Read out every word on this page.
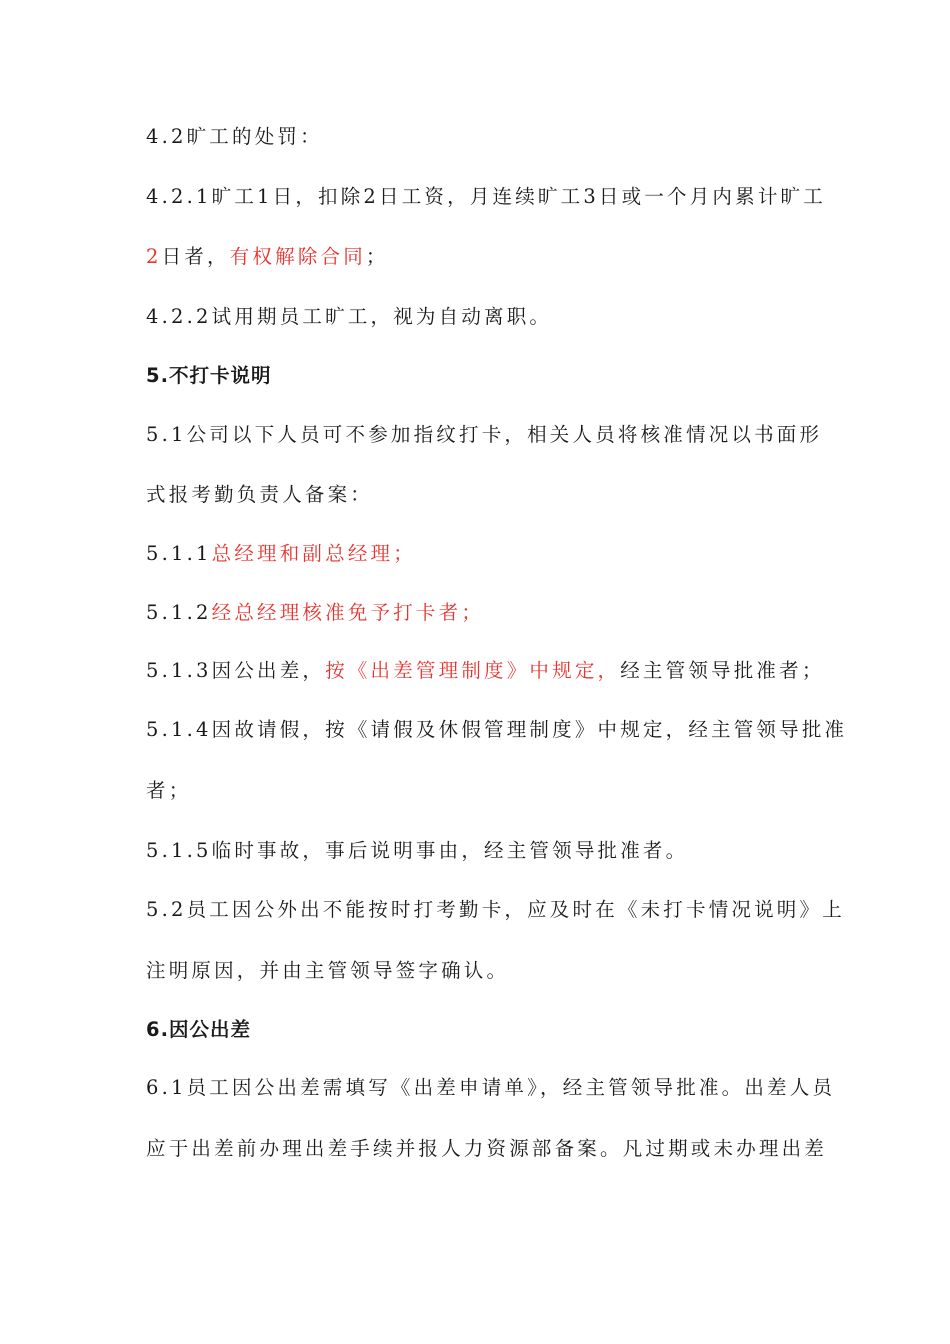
4.2旷工的处罚：
4.2.1旷工1日，扣除2日工资，月连续旷工3日或一个月内累计旷工
2日者，有权解除合同；
4.2.2试用期员工旷工，视为自动离职。
5.不打卡说明
5.1公司以下人员可不参加指纹打卡，相关人员将核准情况以书面形
式报考勤负责人备案：
5.1.1总经理和副总经理；
5.1.2经总经理核准免予打卡者；
5.1.3因公出差，按《出差管理制度》中规定，经主管领导批准者；
5.1.4因故请假，按《请假及休假管理制度》中规定，经主管领导批准
者；
5.1.5临时事故，事后说明事由，经主管领导批准者。
5.2员工因公外出不能按时打考勤卡，应及时在《未打卡情况说明》上
注明原因，并由主管领导签字确认。
6.因公出差
6.1员工因公出差需填写《出差申请单》，经主管领导批准。出差人员
应于出差前办理出差手续并报人力资源部备案。凡过期或未办理出差
